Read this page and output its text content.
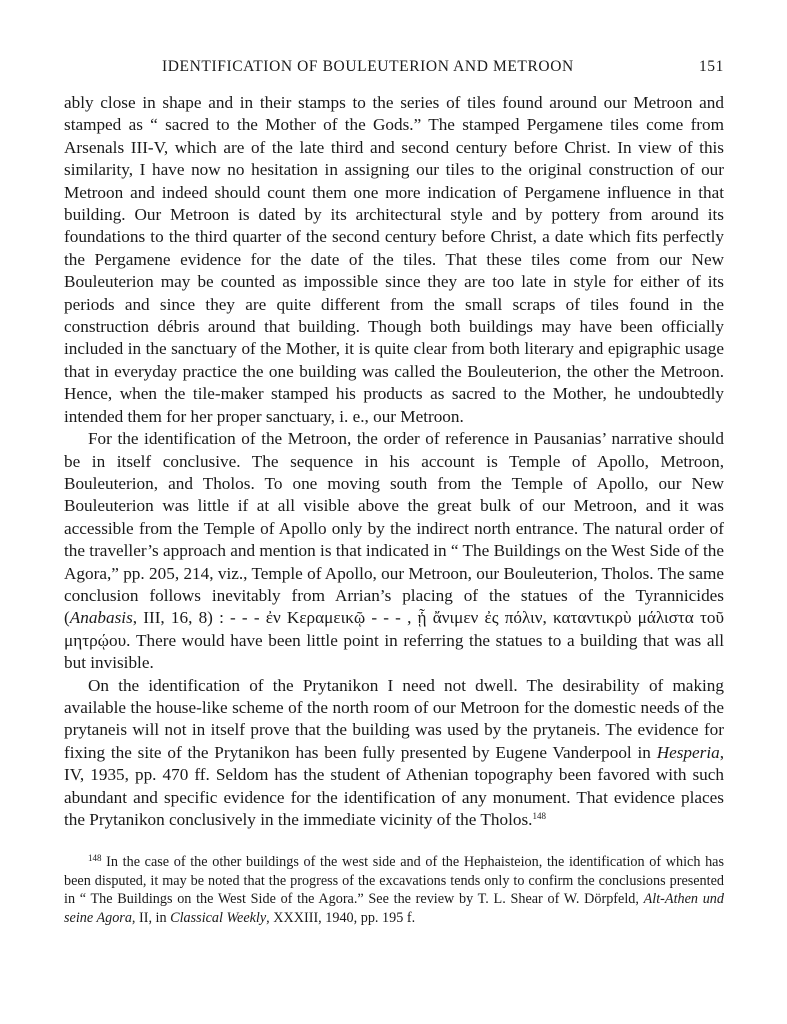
IDENTIFICATION OF BOULEUTERION AND METROON	151

ably close in shape and in their stamps to the series of tiles found around our Metroon and stamped as “ sacred to the Mother of the Gods.” The stamped Pergamene tiles come from Arsenals III-V, which are of the late third and second century before Christ. In view of this similarity, I have now no hesitation in assigning our tiles to the original construction of our Metroon and indeed should count them one more indication of Pergamene influence in that building. Our Metroon is dated by its architectural style and by pottery from around its foundations to the third quarter of the second century before Christ, a date which fits perfectly the Pergamene evidence for the date of the tiles. That these tiles come from our New Bouleuterion may be counted as impossible since they are too late in style for either of its periods and since they are quite different from the small scraps of tiles found in the construction débris around that building. Though both buildings may have been officially included in the sanctuary of the Mother, it is quite clear from both literary and epigraphic usage that in everyday practice the one building was called the Bouleuterion, the other the Metroon. Hence, when the tile-maker stamped his products as sacred to the Mother, he undoubtedly intended them for her proper sanctuary, i. e., our Metroon.

For the identification of the Metroon, the order of reference in Pausanias’ narrative should be in itself conclusive. The sequence in his account is Temple of Apollo, Metroon, Bouleuterion, and Tholos. To one moving south from the Temple of Apollo, our New Bouleuterion was little if at all visible above the great bulk of our Metroon, and it was accessible from the Temple of Apollo only by the indirect north entrance. The natural order of the traveller’s approach and mention is that indicated in “ The Buildings on the West Side of the Agora,” pp. 205, 214, viz., Temple of Apollo, our Metroon, our Bouleuterion, Tholos. The same conclusion follows inevitably from Arrian’s placing of the statues of the Tyrannicides (Anabasis, III, 16, 8) : - - - ἐν Κεραμεικῷ - - - , ᾗ ἄνιμεν ἐς πόλιν, καταντικρὺ μάλιστα τοῦ μητρῴου. There would have been little point in referring the statues to a building that was all but invisible.

On the identification of the Prytanikon I need not dwell. The desirability of making available the house-like scheme of the north room of our Metroon for the domestic needs of the prytaneis will not in itself prove that the building was used by the prytaneis. The evidence for fixing the site of the Prytanikon has been fully presented by Eugene Vanderpool in Hesperia, IV, 1935, pp. 470 ff. Seldom has the student of Athenian topography been favored with such abundant and specific evidence for the identification of any monument. That evidence places the Prytanikon conclusively in the immediate vicinity of the Tholos.$^{148}$

$^{148}$ In the case of the other buildings of the west side and of the Hephaisteion, the identification of which has been disputed, it may be noted that the progress of the excavations tends only to confirm the conclusions presented in “ The Buildings on the West Side of the Agora.” See the review by T. L. Shear of W. Dörpfeld, Alt-Athen und seine Agora, II, in Classical Weekly, XXXIII, 1940, pp. 195 f.
